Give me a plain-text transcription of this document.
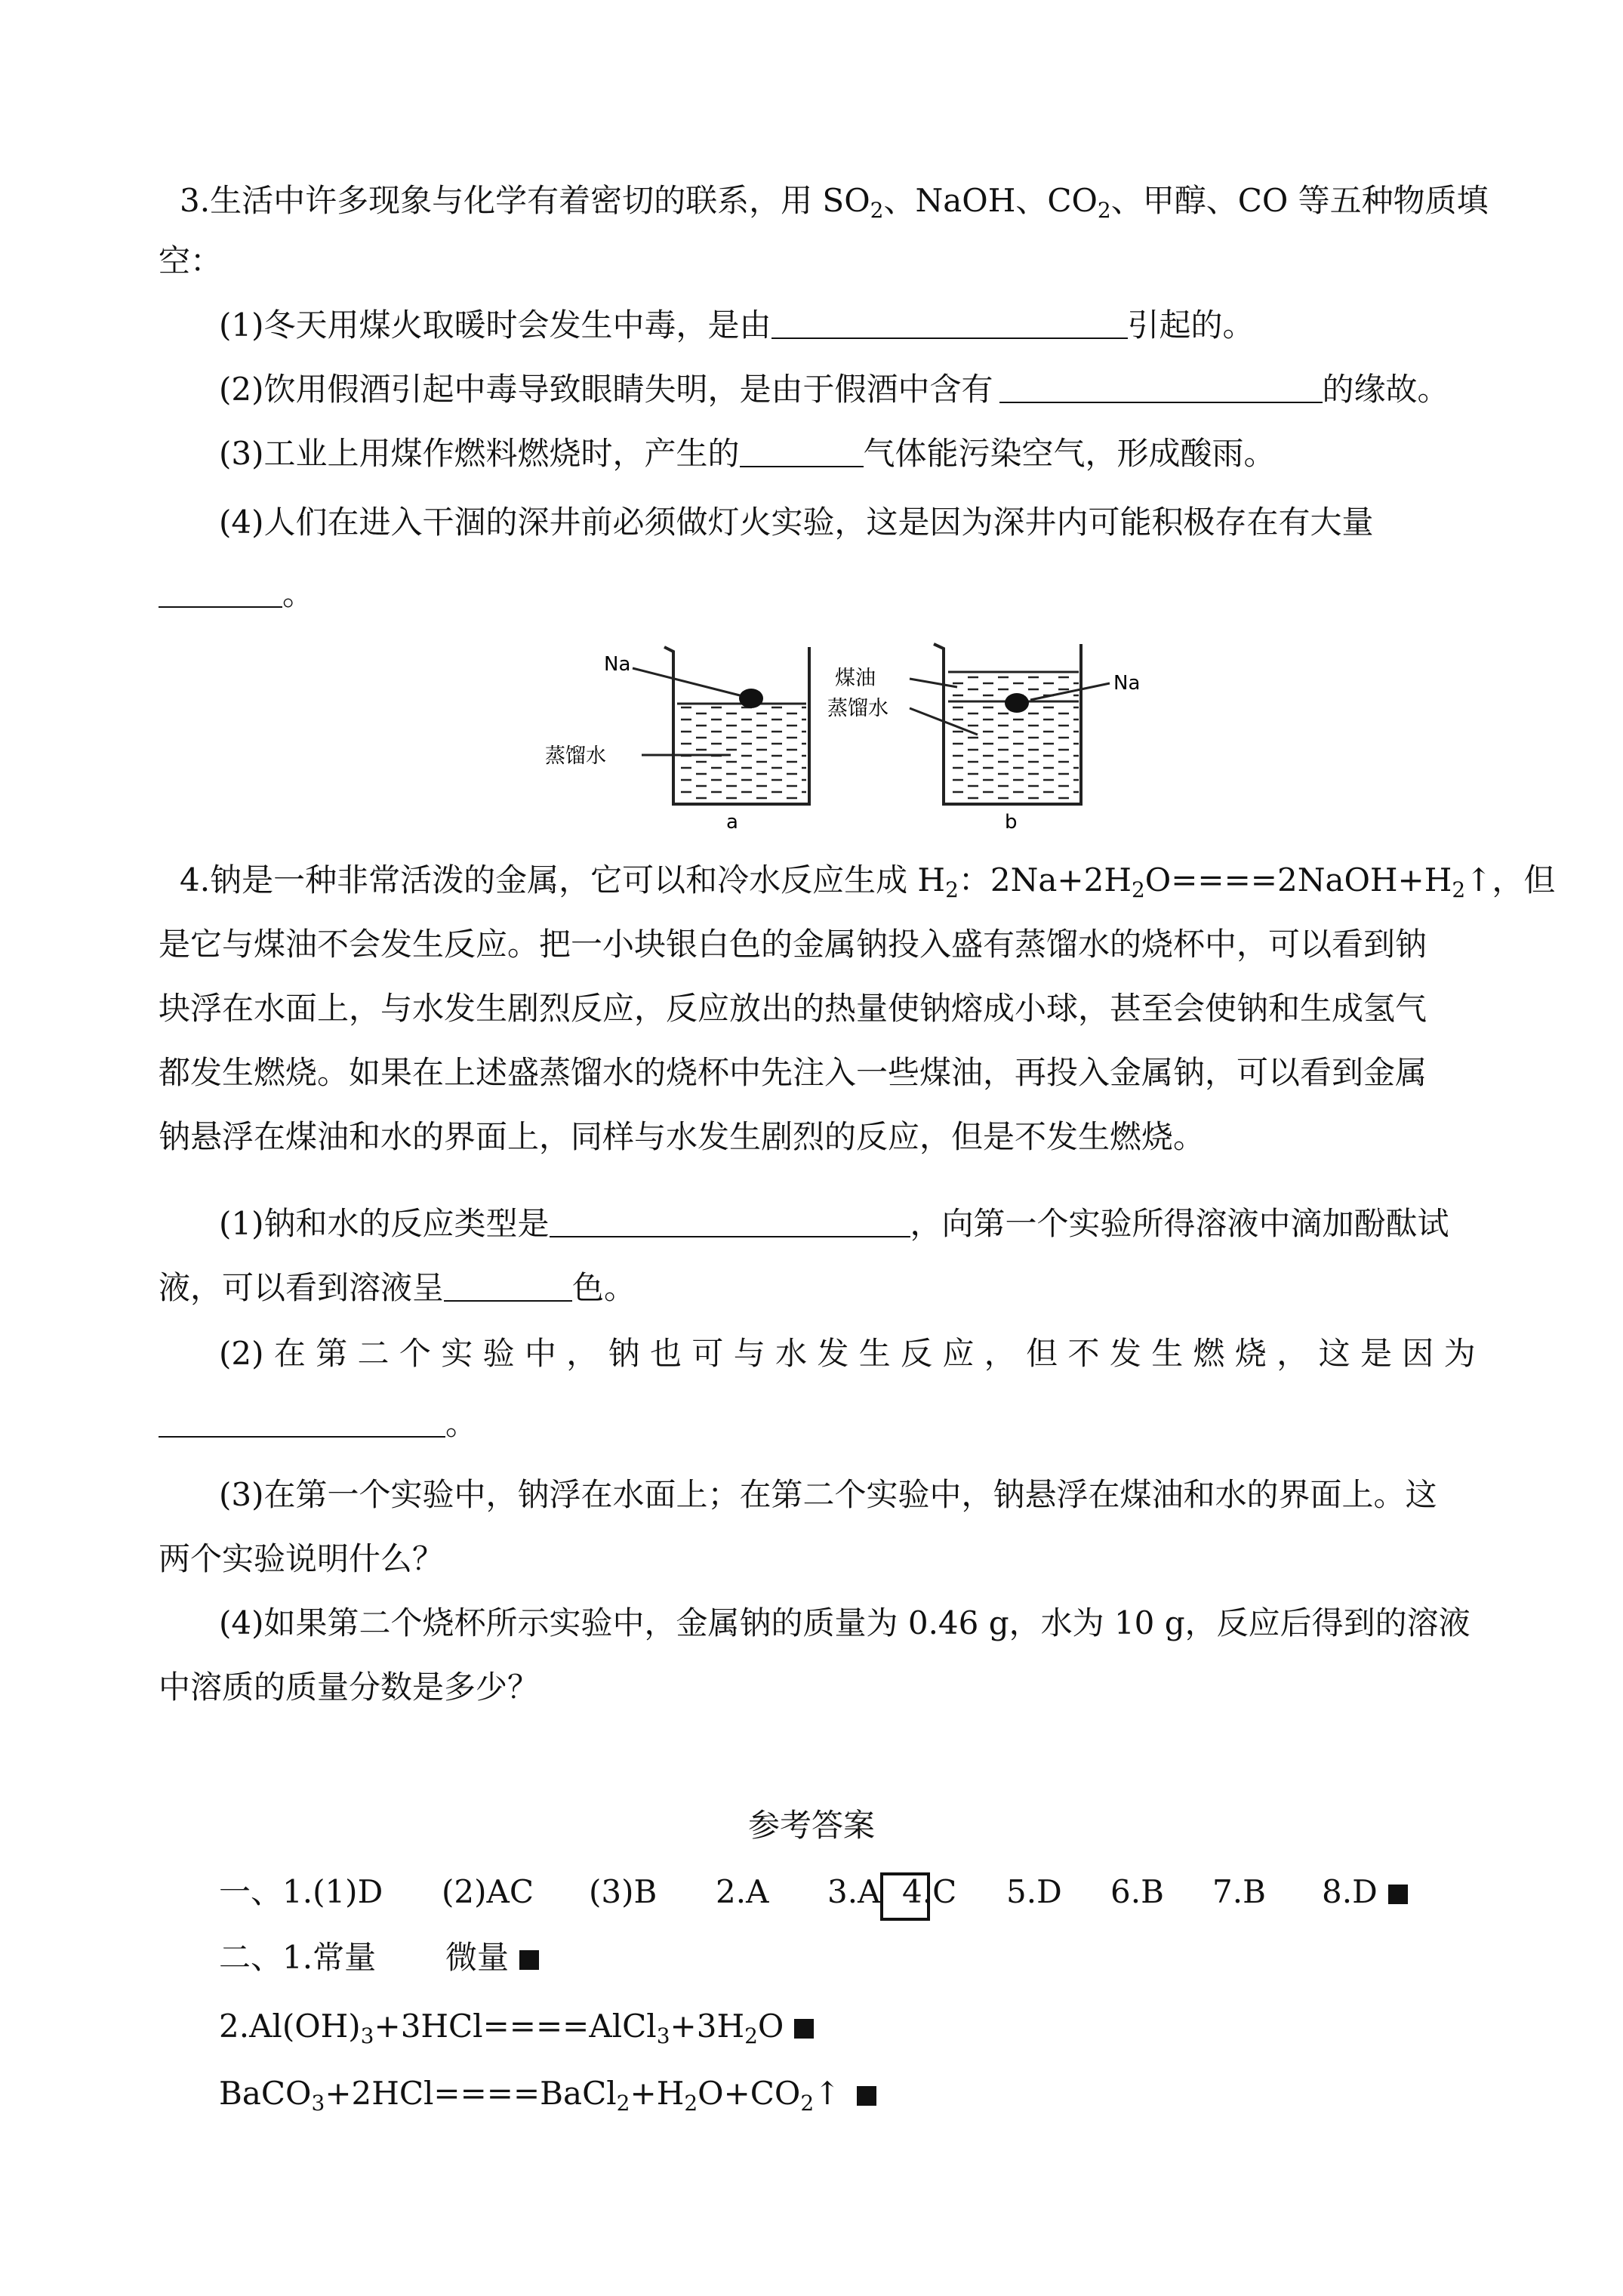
3.生活中许多现象与化学有着密切的联系，用 $SO_2$、NaOH、$CO_2$、甲醇、CO 等五种物质填
空：
(1)冬天用煤火取暖时会发生中毒，是由	引起的。
(2)饮用假酒引起中毒导致眼睛失明，是由于假酒中含有	的缘故。
(3)工业上用煤作燃料燃烧时，产生的	气体能污染空气，形成酸雨。
(4)人们在进入干涸的深井前必须做灯火实验，这是因为深井内可能积极存在有大量
。
Na
蒸馏水
a
煤油
蒸馏水
Na
b
4.钠是一种非常活泼的金属，它可以和冷水反应生成 $H_2$：$2Na+2H_2O====2NaOH+H_2↑$，但
是它与煤油不会发生反应。把一小块银白色的金属钠投入盛有蒸馏水的烧杯中，可以看到钠
块浮在水面上，与水发生剧烈反应，反应放出的热量使钠熔成小球，甚至会使钠和生成氢气
都发生燃烧。如果在上述盛蒸馏水的烧杯中先注入一些煤油，再投入金属钠，可以看到金属
钠悬浮在煤油和水的界面上，同样与水发生剧烈的反应，但是不发生燃烧。
(1)钠和水的反应类型是	，向第一个实验所得溶液中滴加酚酞试
液，可以看到溶液呈	色。
(2) 在 第 二 个 实 验 中 ， 钠 也 可 与 水 发 生 反 应 ， 但 不 发 生 燃 烧 ， 这 是 因 为
。
(3)在第一个实验中，钠浮在水面上；在第二个实验中，钠悬浮在煤油和水的界面上。这
两个实验说明什么？
(4)如果第二个烧杯所示实验中，金属钠的质量为 0.46 g，水为 10 g，反应后得到的溶液
中溶质的质量分数是多少？
参考答案
一、1.(1)D (2)AC (3)B 2.A 3.A 4.C 5.D 6.B 7.B 8.D
二、1.常量 微量
$2.Al(OH)_3+3HCl====AlCl_3+3H_2O$
$BaCO_3+2HCl====BaCl_2+H_2O+CO_2↑$
